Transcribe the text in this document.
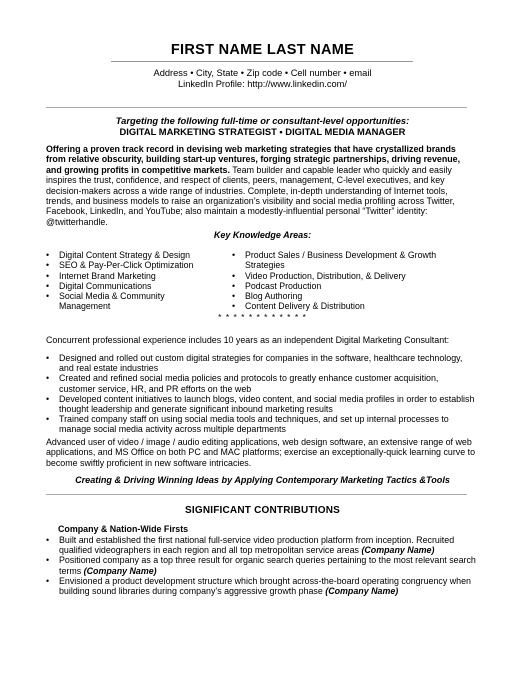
FIRST NAME LAST NAME
Address • City, State • Zip code • Cell number • email
LinkedIn Profile: http://www.linkedin.com/
Targeting the following full-time or consultant-level opportunities:
DIGITAL MARKETING STRATEGIST • DIGITAL MEDIA MANAGER
Offering a proven track record in devising web marketing strategies that have crystallized brands from relative obscurity, building start-up ventures, forging strategic partnerships, driving revenue, and growing profits in competitive markets. Team builder and capable leader who quickly and easily inspires the trust, confidence, and respect of clients, peers, management, C-level executives, and key decision-makers across a wide range of industries. Complete, in-depth understanding of Internet tools, trends, and business models to raise an organization’s visibility and social media profiling across Twitter, Facebook, LinkedIn, and YouTube; also maintain a modestly-influential personal “Twitter” identity: @twitterhandle.
Key Knowledge Areas:
• Digital Content Strategy & Design
• SEO & Pay-Per-Click Optimization
• Internet Brand Marketing
• Digital Communications
• Social Media & Community Management
• Product Sales / Business Development & Growth Strategies
• Video Production, Distribution, & Delivery
• Podcast Production
• Blog Authoring
• Content Delivery & Distribution
* * * * * * * * * * * *
Concurrent professional experience includes 10 years as an independent Digital Marketing Consultant:
• Designed and rolled out custom digital strategies for companies in the software, healthcare technology, and real estate industries
• Created and refined social media policies and protocols to greatly enhance customer acquisition, customer service, HR, and PR efforts on the web
• Developed content initiatives to launch blogs, video content, and social media profiles in order to establish thought leadership and generate significant inbound marketing results
• Trained company staff on using social media tools and techniques, and set up internal processes to manage social media activity across multiple departments
Advanced user of video / image / audio editing applications, web design software, an extensive range of web applications, and MS Office on both PC and MAC platforms; exercise an exceptionally-quick learning curve to become swiftly proficient in new software intricacies.
Creating & Driving Winning Ideas by Applying Contemporary Marketing Tactics &Tools
SIGNIFICANT CONTRIBUTIONS
Company & Nation-Wide Firsts
• Built and established the first national full-service video production platform from inception. Recruited qualified videographers in each region and all top metropolitan service areas (Company Name)
• Positioned company as a top three result for organic search queries pertaining to the most relevant search terms (Company Name)
• Envisioned a product development structure which brought across-the-board operating congruency when building sound libraries during company’s aggressive growth phase (Company Name)
